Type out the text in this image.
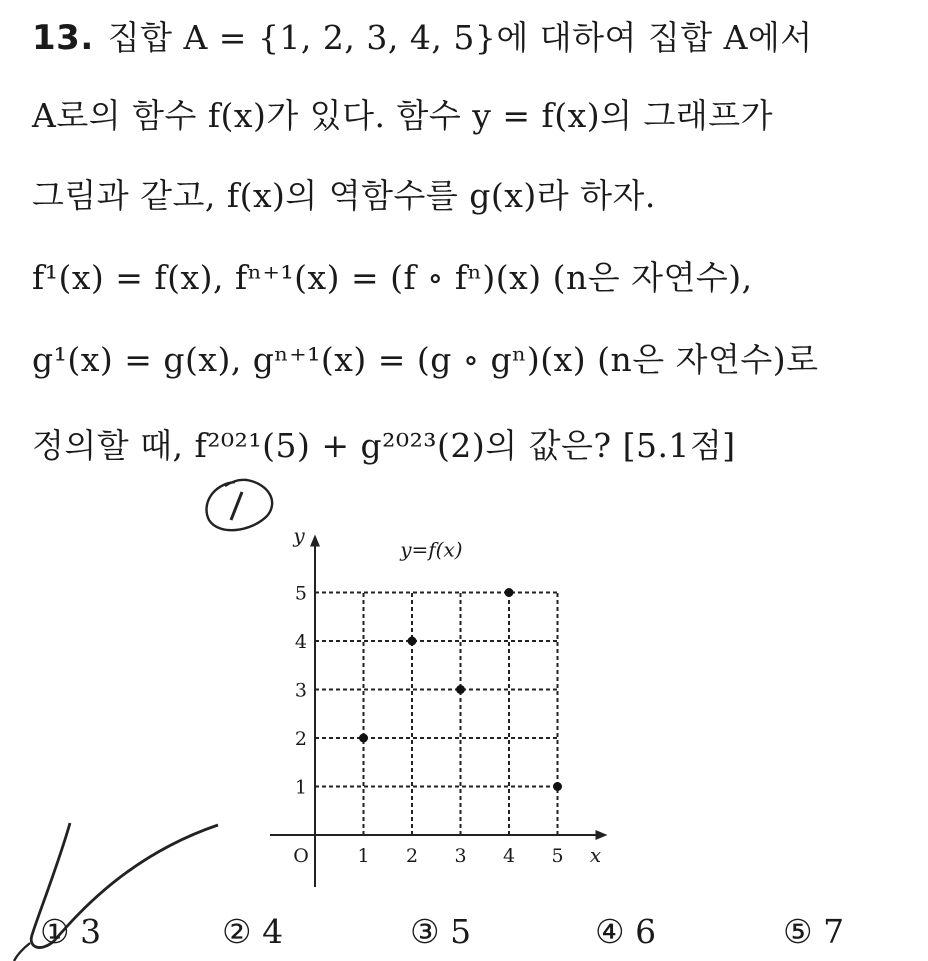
13. 집합 A = {1, 2, 3, 4, 5}에 대하여 집합 A에서
A로의 함수 f(x)가 있다. 함수 y = f(x)의 그래프가
그림과 같고, f(x)의 역함수를 g(x)라 하자.
f¹(x) = f(x), fⁿ⁺¹(x) = (f ∘ fⁿ)(x) (n은 자연수),
g¹(x) = g(x), gⁿ⁺¹(x) = (g ∘ gⁿ)(x) (n은 자연수)로
정의할 때, f²⁰²¹(5) + g²⁰²³(2)의 값은? [5.1점]
1 2 3 4 5
1
2
3
4
5
O	x
y
y=f(x)
① 3	② 4	③ 5	④ 6	⑤ 7
